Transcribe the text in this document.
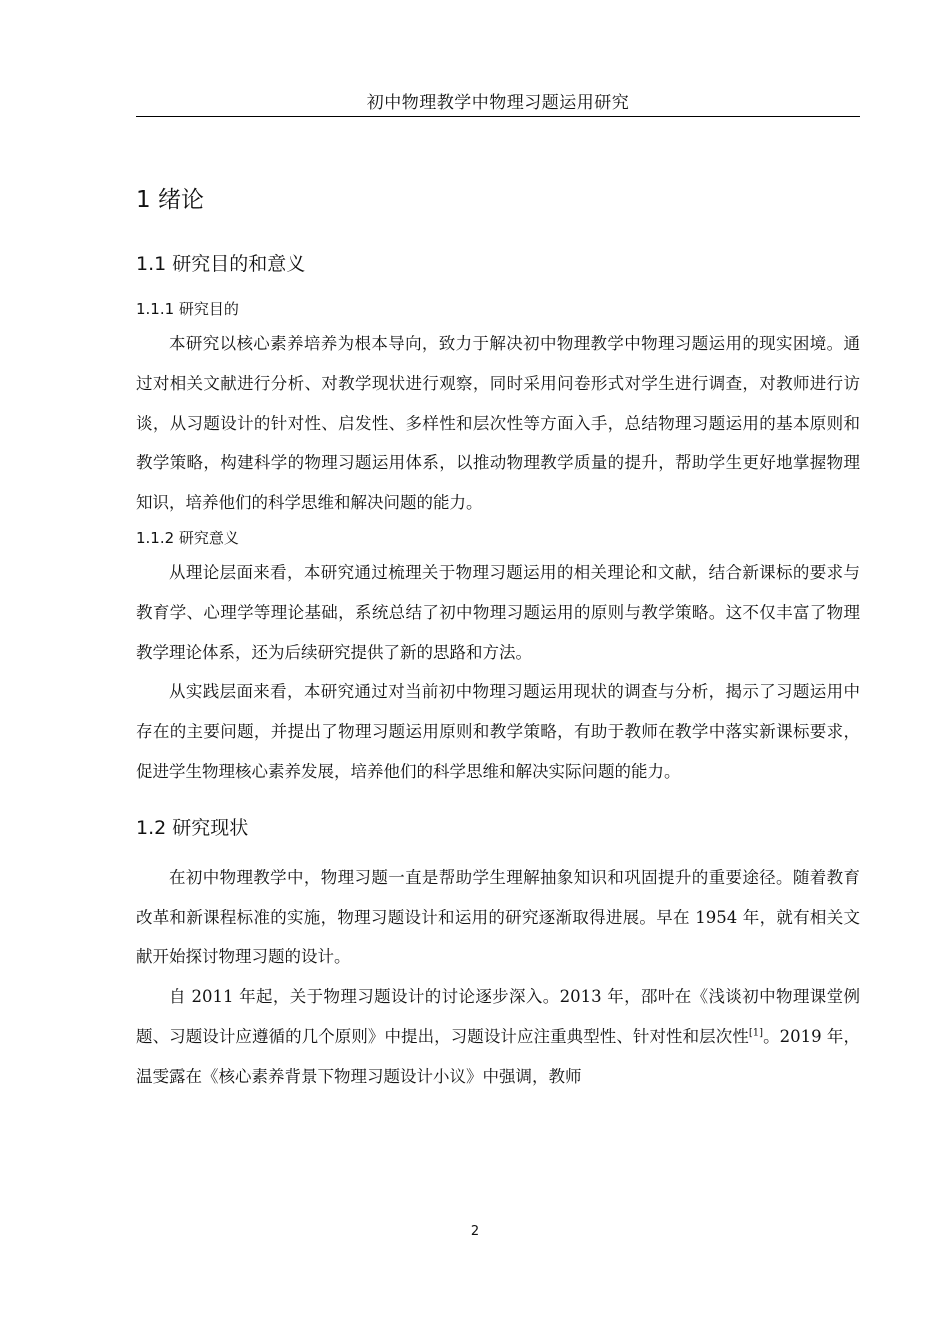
初中物理教学中物理习题运用研究
1 绪论
1.1 研究目的和意义
1.1.1 研究目的

本研究以核心素养培养为根本导向，致力于解决初中物理教学中物理习题运用的现实困境。通过对相关文献进行分析、对教学现状进行观察，同时采用问卷形式对学生进行调查，对教师进行访谈，从习题设计的针对性、启发性、多样性和层次性等方面入手，总结物理习题运用的基本原则和教学策略，构建科学的物理习题运用体系，以推动物理教学质量的提升，帮助学生更好地掌握物理知识，培养他们的科学思维和解决问题的能力。

1.1.2 研究意义

从理论层面来看，本研究通过梳理关于物理习题运用的相关理论和文献，结合新课标的要求与教育学、心理学等理论基础，系统总结了初中物理习题运用的原则与教学策略。这不仅丰富了物理教学理论体系，还为后续研究提供了新的思路和方法。

从实践层面来看，本研究通过对当前初中物理习题运用现状的调查与分析，揭示了习题运用中存在的主要问题，并提出了物理习题运用原则和教学策略，有助于教师在教学中落实新课标要求，促进学生物理核心素养发展，培养他们的科学思维和解决实际问题的能力。

1.2 研究现状

在初中物理教学中，物理习题一直是帮助学生理解抽象知识和巩固提升的重要途径。随着教育改革和新课程标准的实施，物理习题设计和运用的研究逐渐取得进展。早在 1954 年，就有相关文献开始探讨物理习题的设计。

自 2011 年起，关于物理习题设计的讨论逐步深入。2013 年，邵叶在《浅谈初中物理课堂例题、习题设计应遵循的几个原则》中提出，习题设计应注重典型性、针对性和层次性[1]。2019 年，温雯露在《核心素养背景下物理习题设计小议》中强调，教师

2
